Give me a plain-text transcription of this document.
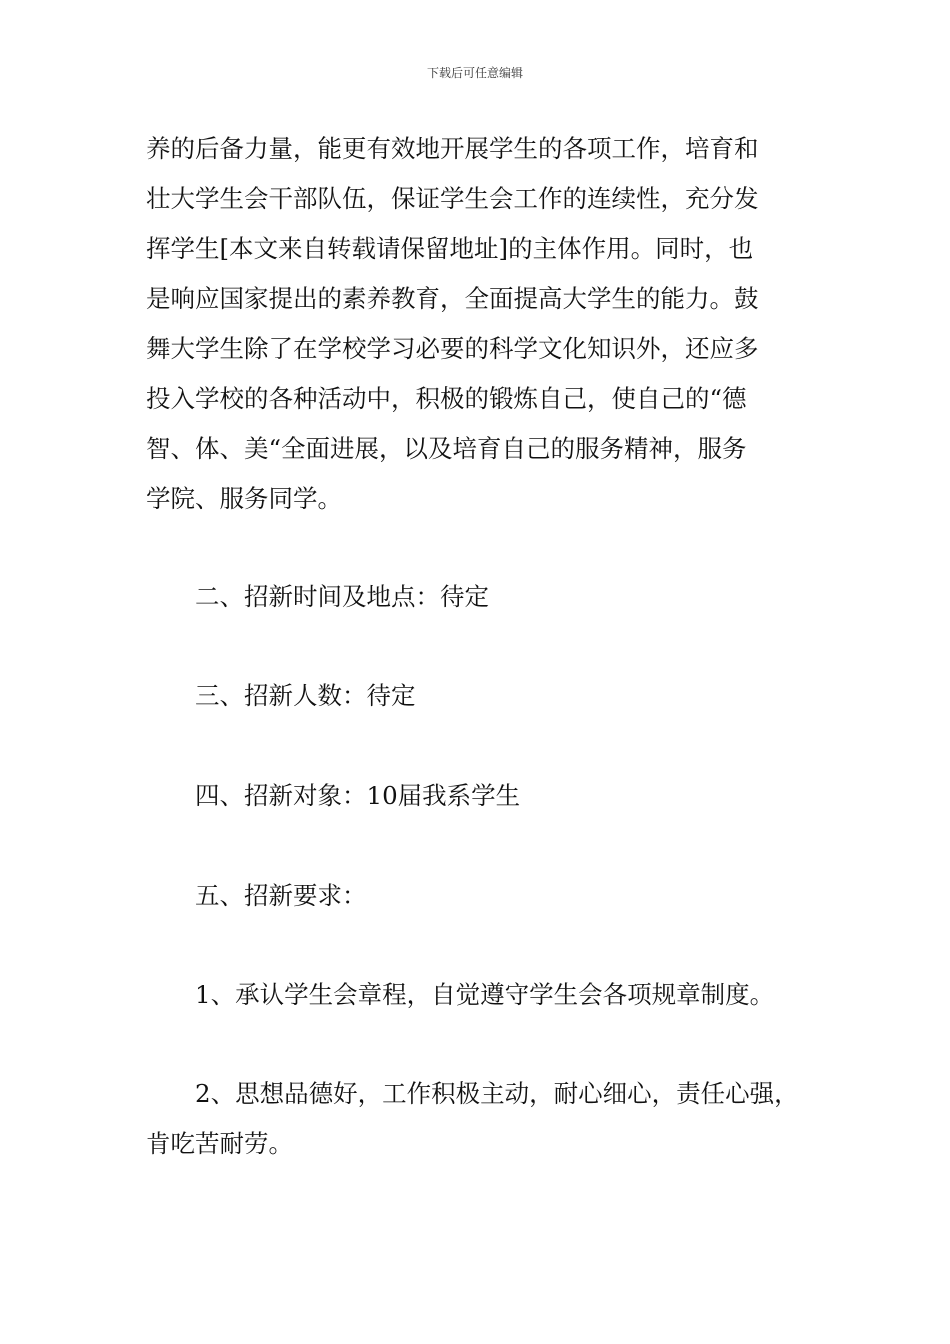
下载后可任意编辑
养的后备力量，能更有效地开展学生的各项工作，培育和
壮大学生会干部队伍，保证学生会工作的连续性，充分发
挥学生[本文来自转载请保留地址]的主体作用。同时，也
是响应国家提出的素养教育，全面提高大学生的能力。鼓
舞大学生除了在学校学习必要的科学文化知识外，还应多
投入学校的各种活动中，积极的锻炼自己，使自己的“德
智、体、美“全面进展，以及培育自己的服务精神，服务
学院、服务同学。
二、招新时间及地点：待定
三、招新人数：待定
四、招新对象：10届我系学生
五、招新要求：
1、承认学生会章程，自觉遵守学生会各项规章制度。
2、思想品德好，工作积极主动，耐心细心，责任心强，
肯吃苦耐劳。
